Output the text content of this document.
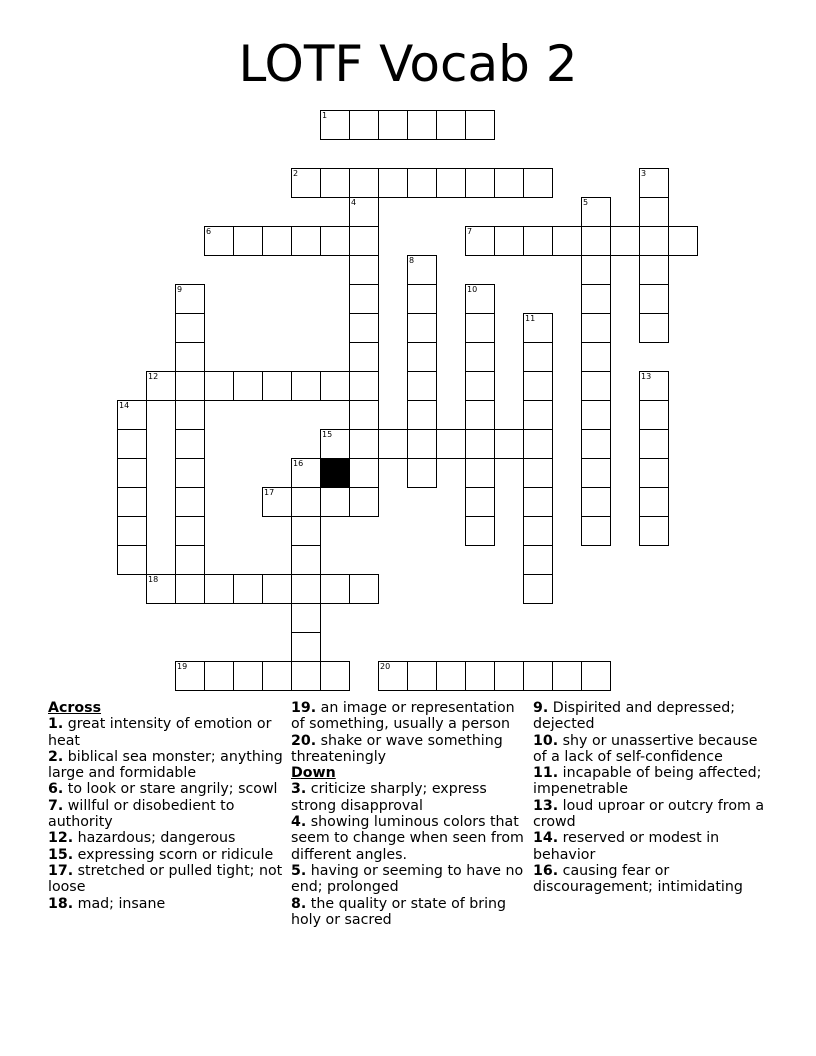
LOTF Vocab 2
1
2
6	7
12
15
17
18
19	20
3
4	5
8
9	10
11
13
14
16
Across
1. great intensity of emotion or heat
2. biblical sea monster; anything large and formidable
6. to look or stare angrily; scowl
7. willful or disobedient to authority
12. hazardous; dangerous
15. expressing scorn or ridicule
17. stretched or pulled tight; not loose
18. mad; insane
19. an image or representation of something, usually a person
20. shake or wave something threateningly
Down
3. criticize sharply; express strong disapproval
4. showing luminous colors that seem to change when seen from different angles.
5. having or seeming to have no end; prolonged
8. the quality or state of bring holy or sacred
9. Dispirited and depressed; dejected
10. shy or unassertive because of a lack of self-confidence
11. incapable of being affected; impenetrable
13. loud uproar or outcry from a crowd
14. reserved or modest in behavior
16. causing fear or discouragement; intimidating
